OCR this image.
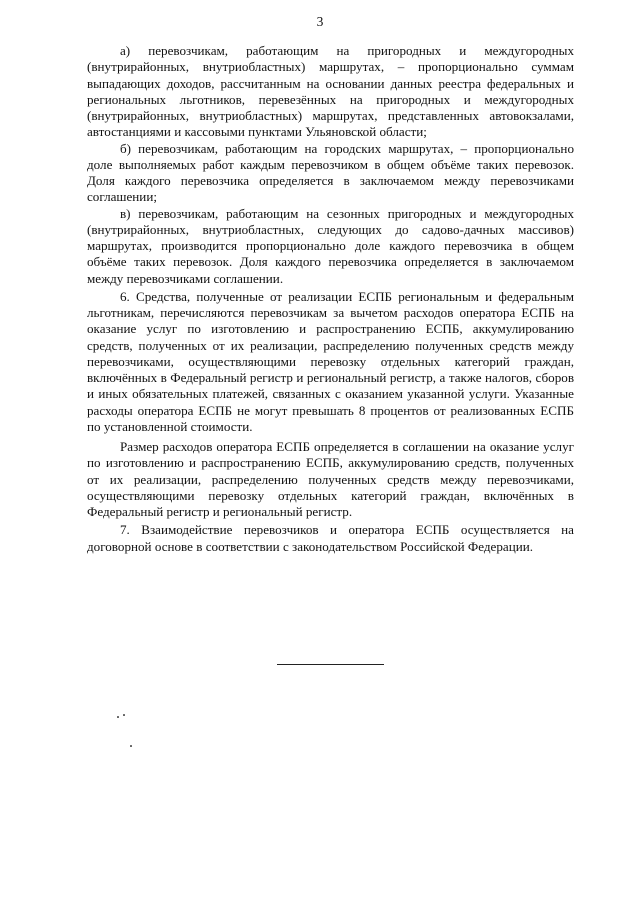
3

а) перевозчикам, работающим на пригородных и междугородных (внутрирайонных, внутриобластных) маршрутах, – пропорционально суммам выпадающих доходов, рассчитанным на основании данных реестра федеральных и региональных льготников, перевезённых на пригородных и междугородных (внутрирайонных, внутриобластных) маршрутах, представленных автовокзалами, автостанциями и кассовыми пунктами Ульяновской области;

б) перевозчикам, работающим на городских маршрутах, – пропорционально доле выполняемых работ каждым перевозчиком в общем объёме таких перевозок. Доля каждого перевозчика определяется в заключаемом между перевозчиками соглашении;

в) перевозчикам, работающим на сезонных пригородных и междугородных (внутрирайонных, внутриобластных, следующих до садово-дачных массивов) маршрутах, производится пропорционально доле каждого перевозчика в общем объёме таких перевозок. Доля каждого перевозчика определяется в заключаемом между перевозчиками соглашении.

6. Средства, полученные от реализации ЕСПБ региональным и федеральным льготникам, перечисляются перевозчикам за вычетом расходов оператора ЕСПБ на оказание услуг по изготовлению и распространению ЕСПБ, аккумулированию средств, полученных от их реализации, распределению полученных средств между перевозчиками, осуществляющими перевозку отдельных категорий граждан, включённых в Федеральный регистр и региональный регистр, а также налогов, сборов и иных обязательных платежей, связанных с оказанием указанной услуги. Указанные расходы оператора ЕСПБ не могут превышать 8 процентов от реализованных ЕСПБ по установленной стоимости.

Размер расходов оператора ЕСПБ определяется в соглашении на оказание услуг по изготовлению и распространению ЕСПБ, аккумулированию средств, полученных от их реализации, распределению полученных средств между перевозчиками, осуществляющими перевозку отдельных категорий граждан, включённых в Федеральный регистр и региональный регистр.

7. Взаимодействие перевозчиков и оператора ЕСПБ осуществляется на договорной основе в соответствии с законодательством Российской Федерации.
